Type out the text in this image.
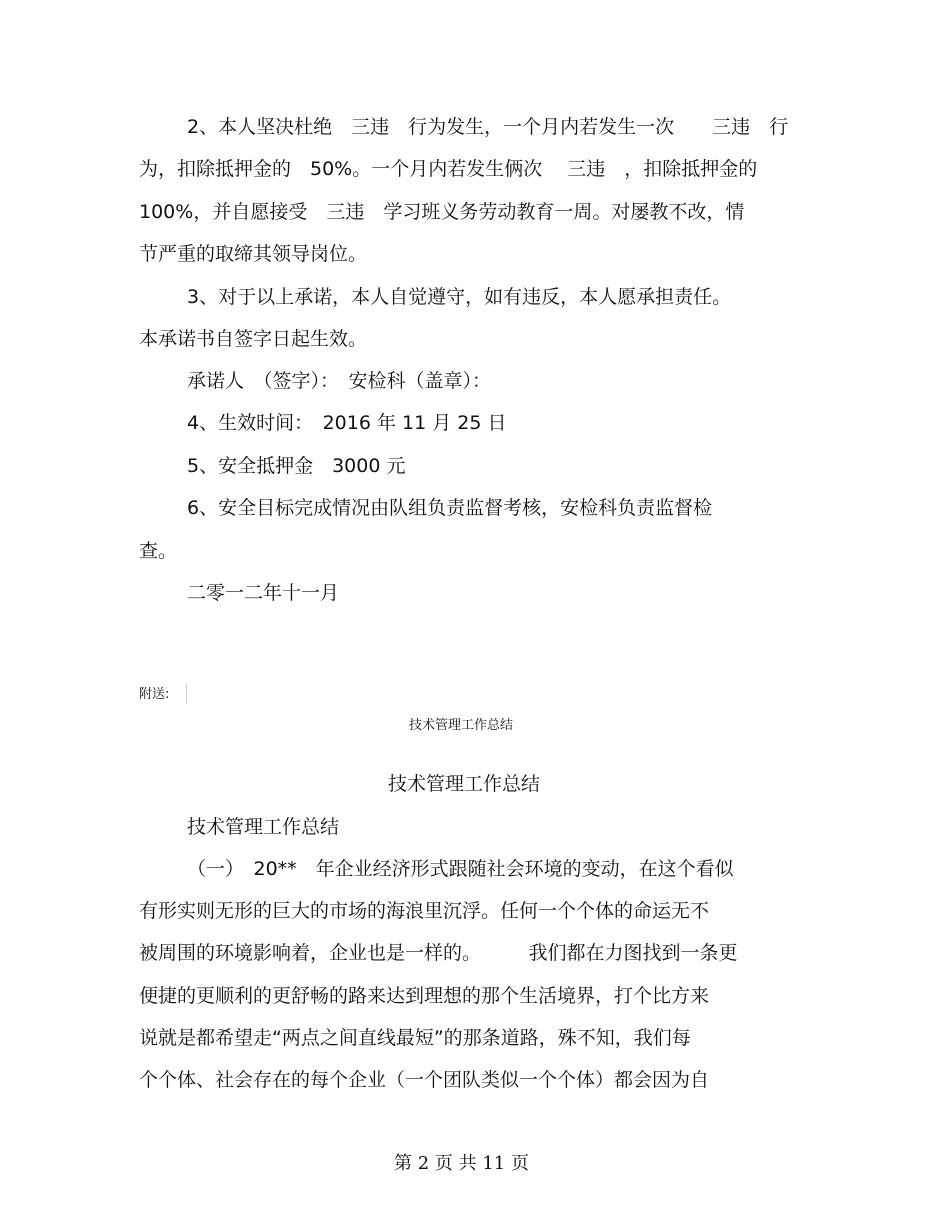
2、本人坚决杜绝　三违　行为发生，一个月内若发生一次　　三违　行
为，扣除抵押金的　50%。一个月内若发生俩次　 三违　，扣除抵押金的
100%，并自愿接受　三违　学习班义务劳动教育一周。对屡教不改，情
节严重的取缔其领导岗位。
3、对于以上承诺，本人自觉遵守，如有违反，本人愿承担责任。
本承诺书自签字日起生效。
承诺人　（签字）：　安检科（盖章）：
4、生效时间：　2016 年 11 月 25 日
5、安全抵押金　3000 元
6、安全目标完成情况由队组负责监督考核，安检科负责监督检
查。
二零一二年十一月
附送:
技术管理工作总结
技术管理工作总结
技术管理工作总结
（一）　20**　年企业经济形式跟随社会环境的变动，在这个看似
有形实则无形的巨大的市场的海浪里沉浮。任何一个个体的命运无不
被周围的环境影响着，企业也是一样的。　　　我们都在力图找到一条更
便捷的更顺利的更舒畅的路来达到理想的那个生活境界，打个比方来
说就是都希望走“两点之间直线最短”的那条道路，殊不知，我们每
个个体、社会存在的每个企业（一个团队类似一个个体）都会因为自
第 2 页 共 11 页
